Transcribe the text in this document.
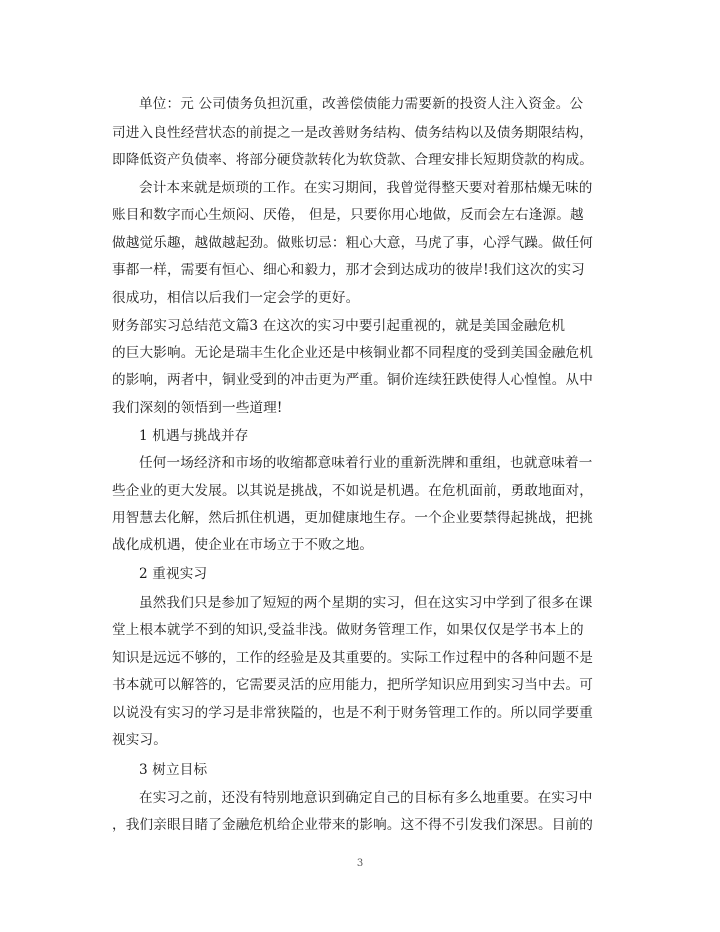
单位：元 公司债务负担沉重，改善偿债能力需要新的投资人注入资金。公
司进入良性经营状态的前提之一是改善财务结构、债务结构以及债务期限结构，
即降低资产负债率、将部分硬贷款转化为软贷款、合理安排长短期贷款的构成。
会计本来就是烦琐的工作。在实习期间，我曾觉得整天要对着那枯燥无味的
账目和数字而心生烦闷、厌倦， 但是，只要你用心地做，反而会左右逢源。越
做越觉乐趣，越做越起劲。做账切忌：粗心大意，马虎了事，心浮气躁。做任何
事都一样，需要有恒心、细心和毅力，那才会到达成功的彼岸!我们这次的实习
很成功，相信以后我们一定会学的更好。
财务部实习总结范文篇3 在这次的实习中要引起重视的，就是美国金融危机
的巨大影响。无论是瑞丰生化企业还是中核铜业都不同程度的受到美国金融危机
的影响，两者中，铜业受到的冲击更为严重。铜价连续狂跌使得人心惶惶。从中
我们深刻的领悟到一些道理!
1 机遇与挑战并存
任何一场经济和市场的收缩都意味着行业的重新洗牌和重组，也就意味着一
些企业的更大发展。以其说是挑战，不如说是机遇。在危机面前，勇敢地面对，
用智慧去化解，然后抓住机遇，更加健康地生存。一个企业要禁得起挑战，把挑
战化成机遇，使企业在市场立于不败之地。
2 重视实习
虽然我们只是参加了短短的两个星期的实习，但在这实习中学到了很多在课
堂上根本就学不到的知识,受益非浅。做财务管理工作，如果仅仅是学书本上的
知识是远远不够的，工作的经验是及其重要的。实际工作过程中的各种问题不是
书本就可以解答的，它需要灵活的应用能力，把所学知识应用到实习当中去。可
以说没有实习的学习是非常狭隘的，也是不利于财务管理工作的。所以同学要重
视实习。
3 树立目标
在实习之前，还没有特别地意识到确定自己的目标有多么地重要。在实习中
，我们亲眼目睹了金融危机给企业带来的影响。这不得不引发我们深思。目前的
3
